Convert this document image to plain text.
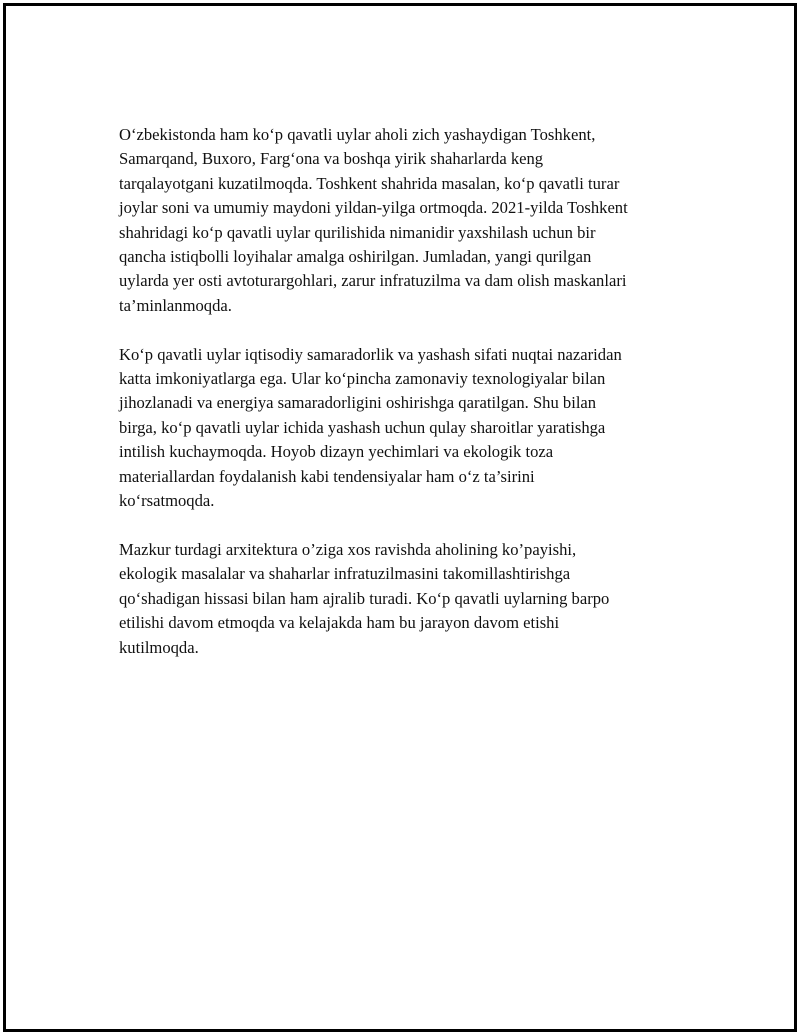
O‘zbekistonda ham ko‘p qavatli uylar aholi zich yashaydigan Toshkent,
Samarqand, Buxoro, Farg‘ona va boshqa yirik shaharlarda keng
tarqalayotgani kuzatilmoqda. Toshkent shahrida masalan, ko‘p qavatli turar
joylar soni va umumiy maydoni yildan-yilga ortmoqda. 2021-yilda Toshkent
shahridagi ko‘p qavatli uylar qurilishida nimanidir yaxshilash uchun bir
qancha istiqbolli loyihalar amalga oshirilgan. Jumladan, yangi qurilgan
uylarda yer osti avtoturargohlari, zarur infratuzilma va dam olish maskanlari
ta’minlanmoqda.

Ko‘p qavatli uylar iqtisodiy samaradorlik va yashash sifati nuqtai nazaridan
katta imkoniyatlarga ega. Ular ko‘pincha zamonaviy texnologiyalar bilan
jihozlanadi va energiya samaradorligini oshirishga qaratilgan. Shu bilan
birga, ko‘p qavatli uylar ichida yashash uchun qulay sharoitlar yaratishga
intilish kuchaymoqda. Hoyob dizayn yechimlari va ekologik toza
materiallardan foydalanish kabi tendensiyalar ham o‘z ta’sirini
ko‘rsatmoqda.

Mazkur turdagi arxitektura o’ziga xos ravishda aholining ko’payishi,
ekologik masalalar va shaharlar infratuzilmasini takomillashtirishga
qo‘shadigan hissasi bilan ham ajralib turadi. Ko‘p qavatli uylarning barpo
etilishi davom etmoqda va kelajakda ham bu jarayon davom etishi
kutilmoqda.
